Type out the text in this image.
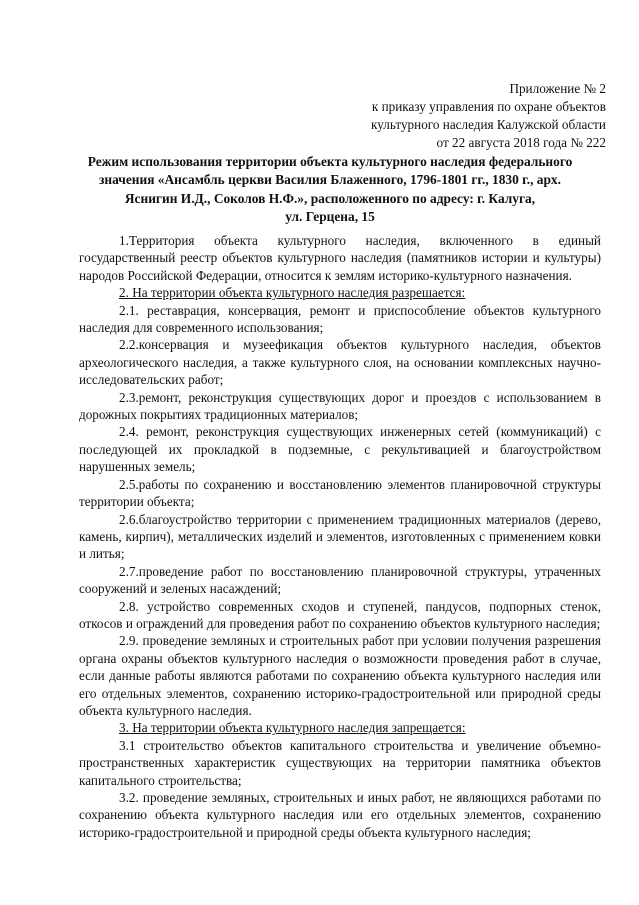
Приложение № 2
к приказу управления по охране объектов
культурного наследия Калужской области
от 22 августа 2018 года № 222
Режим использования территории объекта культурного наследия федерального
значения «Ансамбль церкви Василия Блаженного, 1796-1801 гг., 1830 г., арх.
Яснигин И.Д., Соколов Н.Ф.», расположенного по адресу: г. Калуга,
ул. Герцена, 15

1.Территория объекта культурного наследия, включенного в единый государственный реестр объектов культурного наследия (памятников истории и культуры) народов Российской Федерации, относится к землям историко-культурного назначения.

2. На территории объекта культурного наследия разрешается:

2.1. реставрация, консервация, ремонт и приспособление объектов культурного наследия для современного использования;

2.2.консервация и музеефикация объектов культурного наследия, объектов археологического наследия, а также культурного слоя, на основании комплексных научно-исследовательских работ;

2.3.ремонт, реконструкция существующих дорог и проездов с использованием в дорожных покрытиях традиционных материалов;

2.4. ремонт, реконструкция существующих инженерных сетей (коммуникаций) с последующей их прокладкой в подземные, с рекультивацией и благоустройством нарушенных земель;

2.5.работы по сохранению и восстановлению элементов планировочной структуры территории объекта;

2.6.благоустройство территории с применением традиционных материалов (дерево, камень, кирпич), металлических изделий и элементов, изготовленных с применением ковки и литья;

2.7.проведение работ по восстановлению планировочной структуры, утраченных сооружений и зеленых насаждений;

2.8. устройство современных сходов и ступеней, пандусов, подпорных стенок, откосов и ограждений для проведения работ по сохранению объектов культурного наследия;

2.9. проведение земляных и строительных работ при условии получения разрешения органа охраны объектов культурного наследия о возможности проведения работ в случае, если данные работы являются работами по сохранению объекта культурного наследия или его отдельных элементов, сохранению историко-градостроительной или природной среды объекта культурного наследия.

3. На территории объекта культурного наследия запрещается:

3.1 строительство объектов капитального строительства и увеличение объемно-пространственных характеристик существующих на территории памятника объектов капитального строительства;

3.2. проведение земляных, строительных и иных работ, не являющихся работами по сохранению объекта культурного наследия или его отдельных элементов, сохранению историко-градостроительной и природной среды объекта культурного наследия;
